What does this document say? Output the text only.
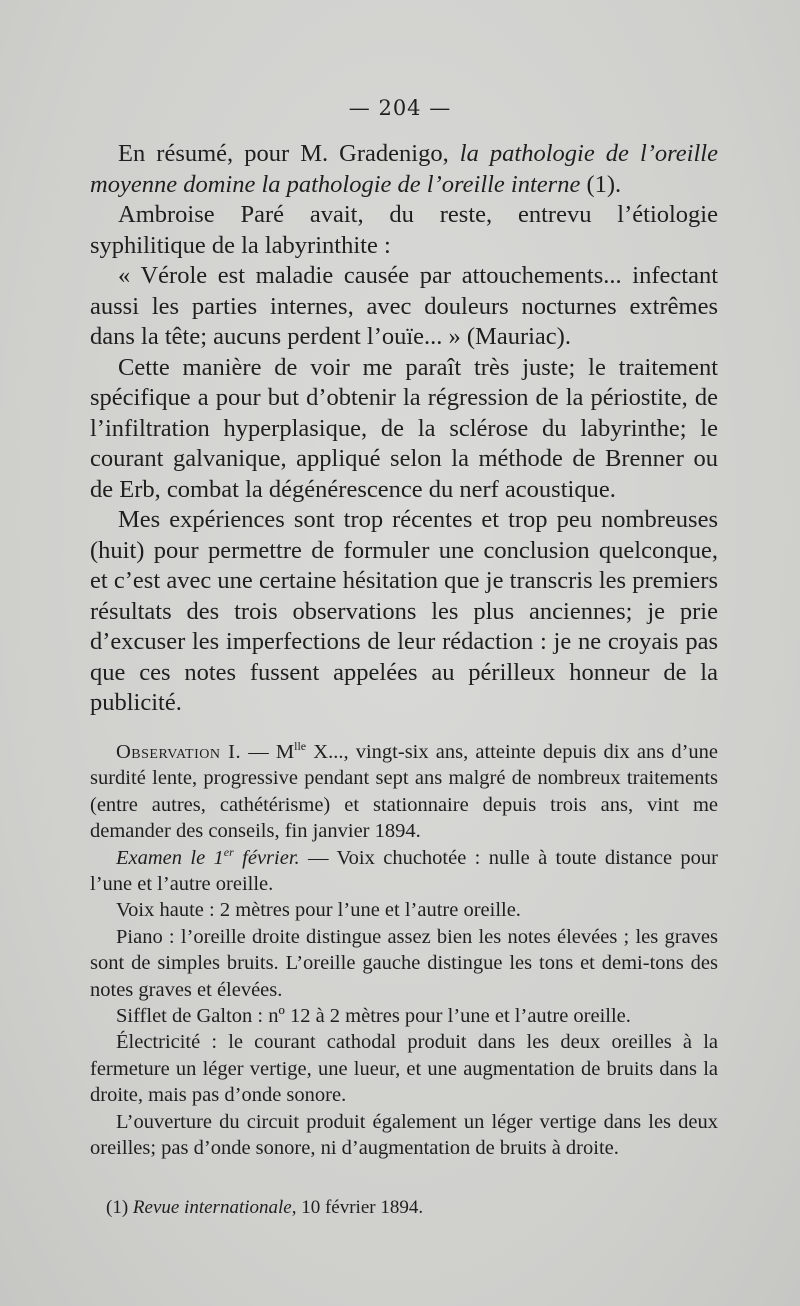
— 204 —

En résumé, pour M. Gradenigo, la pathologie de l’oreille moyenne domine la pathologie de l’oreille interne (1).

Ambroise Paré avait, du reste, entrevu l’étiologie syphilitique de la labyrinthite :

« Vérole est maladie causée par attouchements... infectant aussi les parties internes, avec douleurs nocturnes extrêmes dans la tête; aucuns perdent l’ouïe... » (Mauriac).

Cette manière de voir me paraît très juste; le traitement spécifique a pour but d’obtenir la régression de la périostite, de l’infiltration hyperplasique, de la sclérose du labyrinthe; le courant galvanique, appliqué selon la méthode de Brenner ou de Erb, combat la dégénérescence du nerf acoustique.

Mes expériences sont trop récentes et trop peu nombreuses (huit) pour permettre de formuler une conclusion quelconque, et c’est avec une certaine hésitation que je transcris les premiers résultats des trois observations les plus anciennes; je prie d’excuser les imperfections de leur rédaction : je ne croyais pas que ces notes fussent appelées au périlleux honneur de la publicité.

Observation I. — $M^{lle}$ X..., vingt-six ans, atteinte depuis dix ans d’une surdité lente, progressive pendant sept ans malgré de nombreux traitements (entre autres, cathétérisme) et stationnaire depuis trois ans, vint me demander des conseils, fin janvier 1894.

Examen le 1er février. — Voix chuchotée : nulle à toute distance pour l’une et l’autre oreille.

Voix haute : 2 mètres pour l’une et l’autre oreille.

Piano : l’oreille droite distingue assez bien les notes élevées ; les graves sont de simples bruits. L’oreille gauche distingue les tons et demi-tons des notes graves et élevées.

Sifflet de Galton : nº 12 à 2 mètres pour l’une et l’autre oreille.

Électricité : le courant cathodal produit dans les deux oreilles à la fermeture un léger vertige, une lueur, et une augmentation de bruits dans la droite, mais pas d’onde sonore.

L’ouverture du circuit produit également un léger vertige dans les deux oreilles; pas d’onde sonore, ni d’augmentation de bruits à droite.

(1) Revue internationale, 10 février 1894.
